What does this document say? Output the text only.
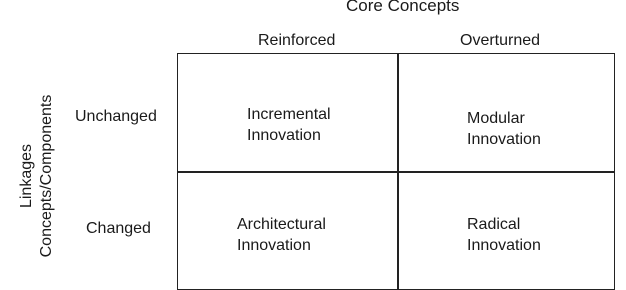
Core Concepts
Reinforced	Overturned
Linkages Concepts/Components Unchanged
Changed
Incremental
Innovation
Modular
Innovation
Architectural
Innovation
Radical
Innovation
